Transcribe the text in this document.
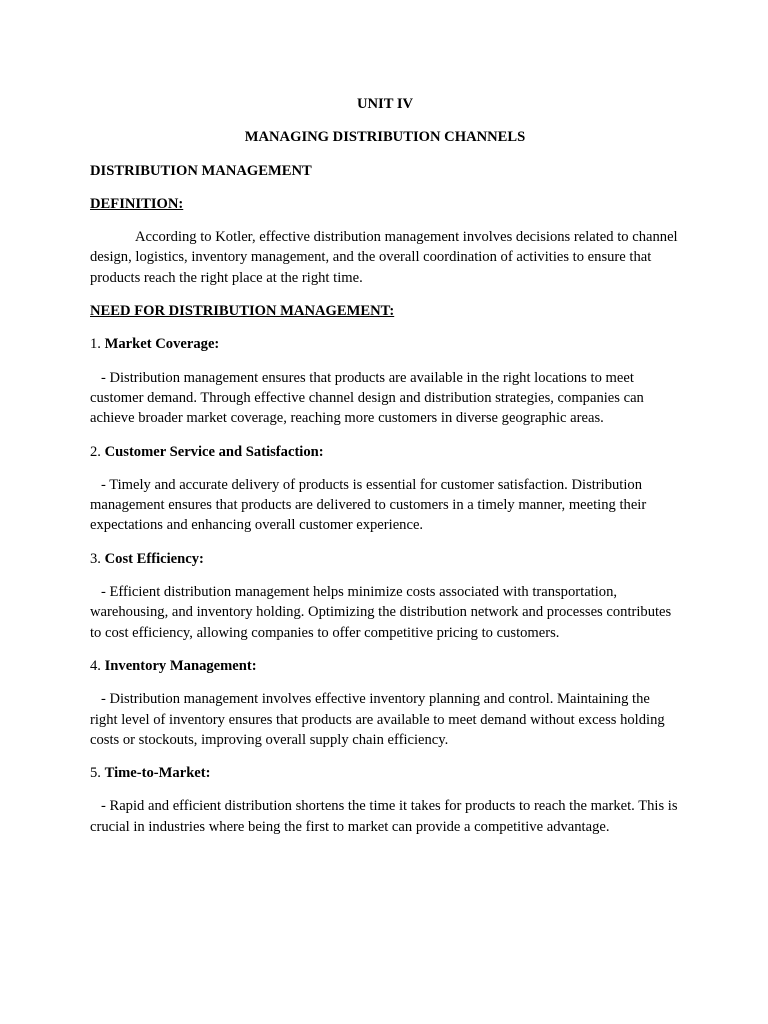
UNIT IV

MANAGING DISTRIBUTION CHANNELS

DISTRIBUTION MANAGEMENT

DEFINITION:

According to Kotler, effective distribution management involves decisions related to channel design, logistics, inventory management, and the overall coordination of activities to ensure that products reach the right place at the right time.

NEED FOR DISTRIBUTION MANAGEMENT:

1. Market Coverage:

- Distribution management ensures that products are available in the right locations to meet customer demand. Through effective channel design and distribution strategies, companies can achieve broader market coverage, reaching more customers in diverse geographic areas.

2. Customer Service and Satisfaction:

- Timely and accurate delivery of products is essential for customer satisfaction. Distribution management ensures that products are delivered to customers in a timely manner, meeting their expectations and enhancing overall customer experience.

3. Cost Efficiency:

- Efficient distribution management helps minimize costs associated with transportation, warehousing, and inventory holding. Optimizing the distribution network and processes contributes to cost efficiency, allowing companies to offer competitive pricing to customers.

4. Inventory Management:

- Distribution management involves effective inventory planning and control. Maintaining the right level of inventory ensures that products are available to meet demand without excess holding costs or stockouts, improving overall supply chain efficiency.

5. Time-to-Market:

- Rapid and efficient distribution shortens the time it takes for products to reach the market. This is crucial in industries where being the first to market can provide a competitive advantage.
